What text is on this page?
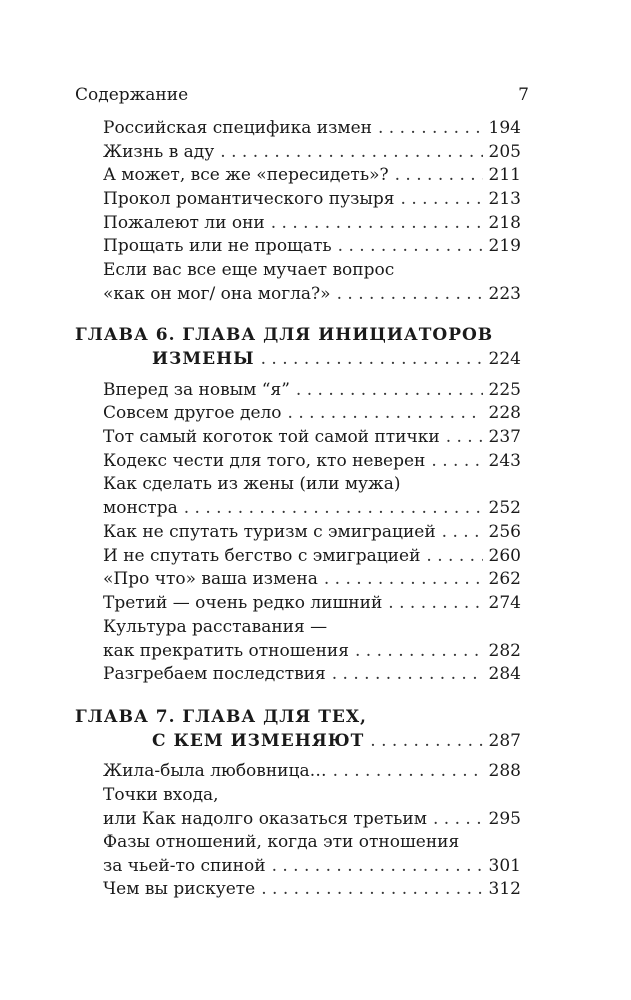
Содержание	7
Российская специфика измен . . .	194
Жизнь в аду . . .	205
А может, все же «пересидеть»? . . .	211
Прокол романтического пузыря . . .	213
Пожалеют ли они . . .	218
Прощать или не прощать . . .	219
Если вас все еще мучает вопрос
«как он мог/ она могла?» . . .	223
ГЛАВА 6. ГЛАВА ДЛЯ ИНИЦИАТОРОВ
ИЗМЕНЫ . . .	224
Вперед за новым “я” . . .	225
Совсем другое дело . . .	228
Тот самый коготок той самой птички . . .	237
Кодекс чести для того, кто неверен . . .	243
Как сделать из жены (или мужа)
монстра . . .	252
Как не спутать туризм с эмиграцией . . .	256
И не спутать бегство с эмиграцией . . .	260
«Про что» ваша измена . . .	262
Третий — очень редко лишний . . .	274
Культура расставания —
как прекратить отношения . . .	282
Разгребаем последствия . . .	284
ГЛАВА 7. ГЛАВА ДЛЯ ТЕХ,
С КЕМ ИЗМЕНЯЮТ . . .	287
Жила-была любовница… . . .	288
Точки входа,
или Как надолго оказаться третьим . . .	295
Фазы отношений, когда эти отношения
за чьей-то спиной . . .	301
Чем вы рискуете . . .	312
